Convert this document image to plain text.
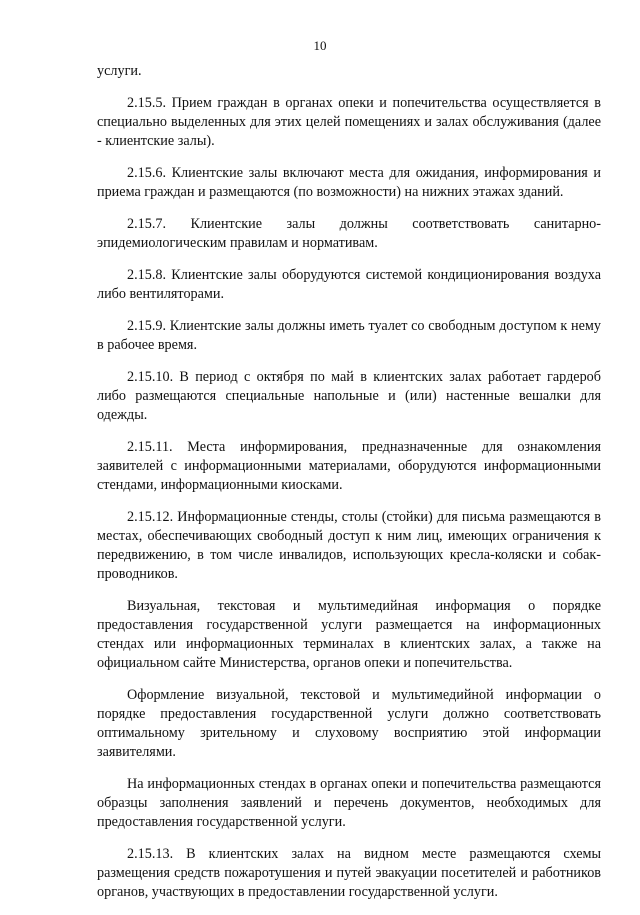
10

услуги.

2.15.5. Прием граждан в органах опеки и попечительства осуществляется в специально выделенных для этих целей помещениях и залах обслуживания (далее - клиентские залы).

2.15.6. Клиентские залы включают места для ожидания, информирования и приема граждан и размещаются (по возможности) на нижних этажах зданий.

2.15.7. Клиентские залы должны соответствовать санитарно-эпидемиологическим правилам и нормативам.

2.15.8. Клиентские залы оборудуются системой кондиционирования воздуха либо вентиляторами.

2.15.9. Клиентские залы должны иметь туалет со свободным доступом к нему в рабочее время.

2.15.10. В период с октября по май в клиентских залах работает гардероб либо размещаются специальные напольные и (или) настенные вешалки для одежды.

2.15.11. Места информирования, предназначенные для ознакомления заявителей с информационными материалами, оборудуются информационными стендами, информационными киосками.

2.15.12. Информационные стенды, столы (стойки) для письма размещаются в местах, обеспечивающих свободный доступ к ним лиц, имеющих ограничения к передвижению, в том числе инвалидов, использующих кресла-коляски и собак-проводников.

Визуальная, текстовая и мультимедийная информация о порядке предоставления государственной услуги размещается на информационных стендах или информационных терминалах в клиентских залах, а также на официальном сайте Министерства, органов опеки и попечительства.

Оформление визуальной, текстовой и мультимедийной информации о порядке предоставления государственной услуги должно соответствовать оптимальному зрительному и слуховому восприятию этой информации заявителями.

На информационных стендах в органах опеки и попечительства размещаются образцы заполнения заявлений и перечень документов, необходимых для предоставления государственной услуги.

2.15.13. В клиентских залах на видном месте размещаются схемы размещения средств пожаротушения и путей эвакуации посетителей и работников органов, участвующих в предоставлении государственной услуги.
